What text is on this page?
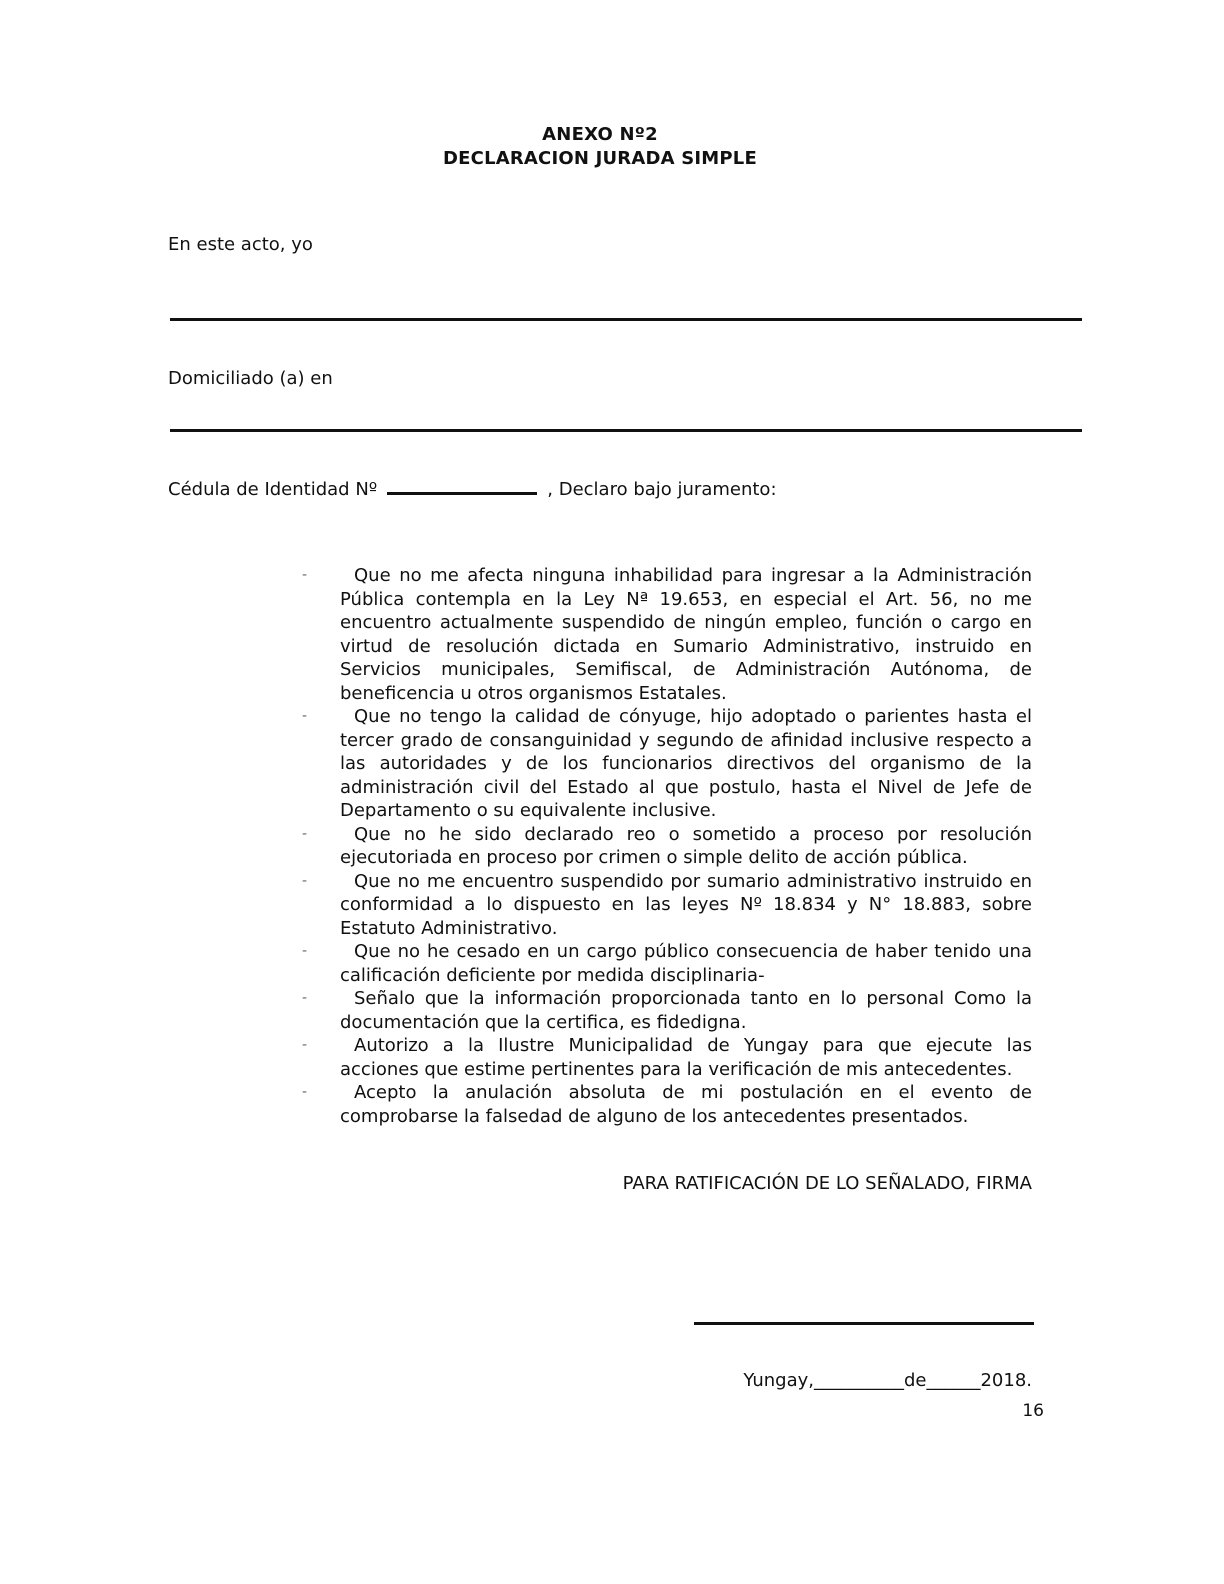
ANEXO Nº2
DECLARACION JURADA SIMPLE
En este acto, yo
Domiciliado (a) en
Cédula de Identidad Nº	, Declaro bajo juramento:
-	Que no me afecta ninguna inhabilidad para ingresar a la Administración Pública contempla en la Ley Nª 19.653, en especial el Art. 56, no me encuentro actualmente suspendido de ningún empleo, función o cargo en virtud de resolución dictada en Sumario Administrativo, instruido en Servicios municipales, Semifiscal, de Administración Autónoma, de beneficencia u otros organismos Estatales.
-	Que no tengo la calidad de cónyuge, hijo adoptado o parientes hasta el tercer grado de consanguinidad y segundo de afinidad inclusive respecto a las autoridades y de los funcionarios directivos del organismo de la administración civil del Estado al que postulo, hasta el Nivel de Jefe de Departamento o su equivalente inclusive.
-	Que no he sido declarado reo o sometido a proceso por resolución ejecutoriada en proceso por crimen o simple delito de acción pública.
-	Que no me encuentro suspendido por sumario administrativo instruido en conformidad a lo dispuesto en las leyes Nº 18.834 y N° 18.883, sobre Estatuto Administrativo.
-	Que no he cesado en un cargo público consecuencia de haber tenido una calificación deficiente por medida disciplinaria-
-	Señalo que la información proporcionada tanto en lo personal Como la documentación que la certifica, es fidedigna.
-	Autorizo a la Ilustre Municipalidad de Yungay para que ejecute las acciones que estime pertinentes para la verificación de mis antecedentes.
-	Acepto la anulación absoluta de mi postulación en el evento de comprobarse la falsedad de alguno de los antecedentes presentados.
PARA RATIFICACIÓN DE LO SEÑALADO, FIRMA
Yungay,__________de______2018.
16
